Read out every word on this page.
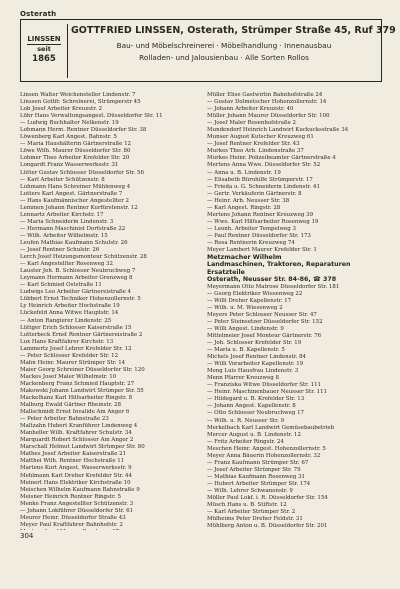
Osterath
LINSSEN
seit
1865
GOTTFRIED LINSSEN, Osterath, Strümper Straße 45, Ruf 379
Bau- und Möbelschreinerei · Möbelhandlung · Innenausbau
Rolladen- und Jalousienbau · Alle Sorten Rollos
Linsen Walter Weichensteller Lindenstr. 7
Linssen Gottfr. Schreinerei, Strümperstr 45
Lob Josef Arbeiter Kreuzstr. 2
Löhr Hans Verwaltungsangest. Düsseldorfer Str. 11
— Ludwig Buchhalter Nelkenstr. 19
Lohmann Herm. Rentner Düsseldorfer Str. 38
Löwenberg Karl Angest. Bahnstr. 5
— Maria Haushälterin Gärtnerstraße 12
Löwe Wilh. Maurer Düsseldorfer Str. 80
Lohmer Theo Arbeiter Krefelder Str. 20
Longardt Franz Wasserwerksstr. 31
Lütter Gustav Schlosser Düsseldorfer Str. 56
— Karl Arbeiter Schützenstr. 8
Luhmann Hans Schreiner Mühlenweg 4
Lutters Karl Angest. Gärtnerstraße 7
— Hans Kaufmännischer Angestellter 2
Lemmen Johann Rentner Kurfürstenstr. 12
Lennartz Arbeiter Kirchstr. 17
— Maria Schneiderin Lindenstr. 3
— Hermann Maschinist Dorfstraße 22
— Wilh. Arbeiter Wilhelmstr. 15
Leufen Mathias Kaufmann Schulstr. 26
— Josef Rentner Schulstr. 26
Lerch Josef Heizungsmonteur Schützenstr. 28
— Karl Angestellter Rosenweg 32
Lauster Joh. B. Schlosser Neubruchweg 7
Leymann Hermann Arbeiter Grenzweg 8
— Karl Schmied Oststraße 11
Ludwigs Leo Arbeiter Gärtnereistraße 4
Lübbert Ernst Techniker Hohenzollernstr. 5
Ly Heinrich Arbeiter Hochstraße 19
Lückefeld Anna Witwe Hauptstr. 14
— Anton Rangierer Lindenstr. 25
Lüttger Erich Schlosser Kaiserstraße 15
Lutterbeck Ernst Rentner Gärtnereistraße 2
Lux Hans Kraftfahrer Kirchstr. 13
Lammertz Josef Lehrer Krefelder Str. 12
— Peter Schlosser Krefelder Str. 12
Mahn Heinr. Maurer Strümper Str. 14
Maier Georg Schreiner Düsseldorfer Str. 120
Mackes Josef Maler Wilhelmstr. 10
Mackenberg Franz Schmied Hauptstr. 27
Makowski Johann Landwirt Strümper Str. 55
Mackelhanz Karl Hilfsarbeiter Ringstr. 8
Malburg Ewald Gärtner Rheinstr. 28
Mallschmidt Ernst Invalide Am Anger 6
— Peter Arbeiter Bahnstraße 23
Maltzahn Hubert Kranführer Lindenweg 4
Manheller Wilh. Kraftfahrer Schulstr. 34
Marquardt Robert Schlosser Am Anger 2
Marschall Helmut Landwirt Strümper Str. 80
Mathes Josef Arbeiter Kaiserstraße 21
Matthei Wilh. Rentner Hochstraße 11
Martens Kurt Angest. Wasserwerksstr. 9
Mehlmann Karl Dreher Krefelder Str. 44
Meinert Hans Elektriker Kirchstraße 10
Meischen Wilhelm Kaufmann Bahnstraße 9
Meisner Heinrich Rentner Ringstr. 5
Menke Franz Angestellter Schützenstr. 3
— Johann Lokführer Düsseldorfer Str. 61
Meurer Heinr. Düsseldorfer Straße 43
Meyer Paul Kraftfahrer Bahnhofstr. 2
Müller Elise Gastwirtin Bahnhofstraße 24
— Gustav Dolmetscher Hohenzollernstr. 14
— Johann Arbeiter Kreuzstr. 40
Müller Johann Maurer Düsseldorfer Str. 100
— Josef Maler Rosenhofstraße 2
Mundendorf Heinrich Landwirt Kuckucksstraße 34
Munser August Kutscher Kreuzweg 61
— Josef Rentner Krefelder Str. 43
Murkes Theo Arb. Lindenstraße 37
Murkes Heinr. Polizeibeamter Gärtnerstraße 4
Mertens Anna Wwe. Düsseldorfer Str. 52
— Anna u. B. Lindenstr. 19
— Elisabeth Bürohilfe Strümperstr. 17
— Frieda u. G. Schneiderin Lindenstr. 41
— Gertr. Verkäuferin Gärtnerstr. 8
— Heinr. Arb. Neusser Str. 38
— Karl Angest. Ringstr. 28
Mertens Johann Rentner Kreuzweg 39
— Wwe. Karl Hilfsarbeiter Rosenweg 19
— Leonh. Arbeiter Tempelweg 3
— Paul Rentner Düsseldorfer Str. 173
— Rosa Rentnerin Kreuzweg 74
Meyer Lambert Maurer Krefelder Str. 1
Metzmacher Wilhelm
Landmaschinen, Traktoren, Reparaturen
Ersatzteile
Osterath, Neusser Str. 84-86, ☎ 378
Meyermann Otto Matrose Düsseldorfer Str. 181
— Georg Elektriker Wiesenweg 22
— Willi Dreher Kapellenstr. 17
— Wilh. u. M. Wiesenweg 2
Meyers Peter Schlosser Neusser Str. 47
— Peter Steinsetzer Düsseldorfer Str. 152
— Willi Angest. Lindenstr. 9
Mittelmeier Josef Monteur Gärtnerstr. 76
— Joh. Schlosser Krefelder Str. 19
— Maria u. B. Kapellenstr. 5
Michels Josef Rentner Lindenstr. 84
— Willi Vorarbeiter Kapellenstr. 19
Meng Luis Hausfrau Lindenstr. 3
Menn Pfarrer Kreuzweg 8
— Franziska Witwe Düsseldorfer Str. 111
— Heinr. Maschinenbauer Neusser Str. 111
— Hildegard u. B. Krefelder Str. 13
— Johann Angest. Kapellenstr. 8
— Otto Schlosser Neubruchweg 17
— Wilh. u. R. Neusser Str. 9
Merkelbach Karl Landwirt Gemüsebaubetrieb
Mercer August u. B. Lindenstr. 12
— Fritz Arbeiter Ringstr. 24
Meschen Heinr. Angest. Hohenzollernstr. 5
Meyer Anna Bäuerin Hohenzollernstr. 32
— Franz Kaufmann Strümper Str. 67
— Josef Arbeiter Strümper Str. 79
— Mathias Kaufmann Rosenweg 31
— Hubert Arbeiter Strümper Str. 174
— Wilh. Lehrer Schwanenstr. 9
Möller Paul Lokf. i. R. Düsseldorfer Str. 154
Müsch Hans u. B. Stiftstr. 12
— Karl Arbeiter Strümper Str. 2
Mülheims Peter Dreher Feldstr. 31
Mühlberg Anton u. B. Düsseldorfer Str. 201
304
